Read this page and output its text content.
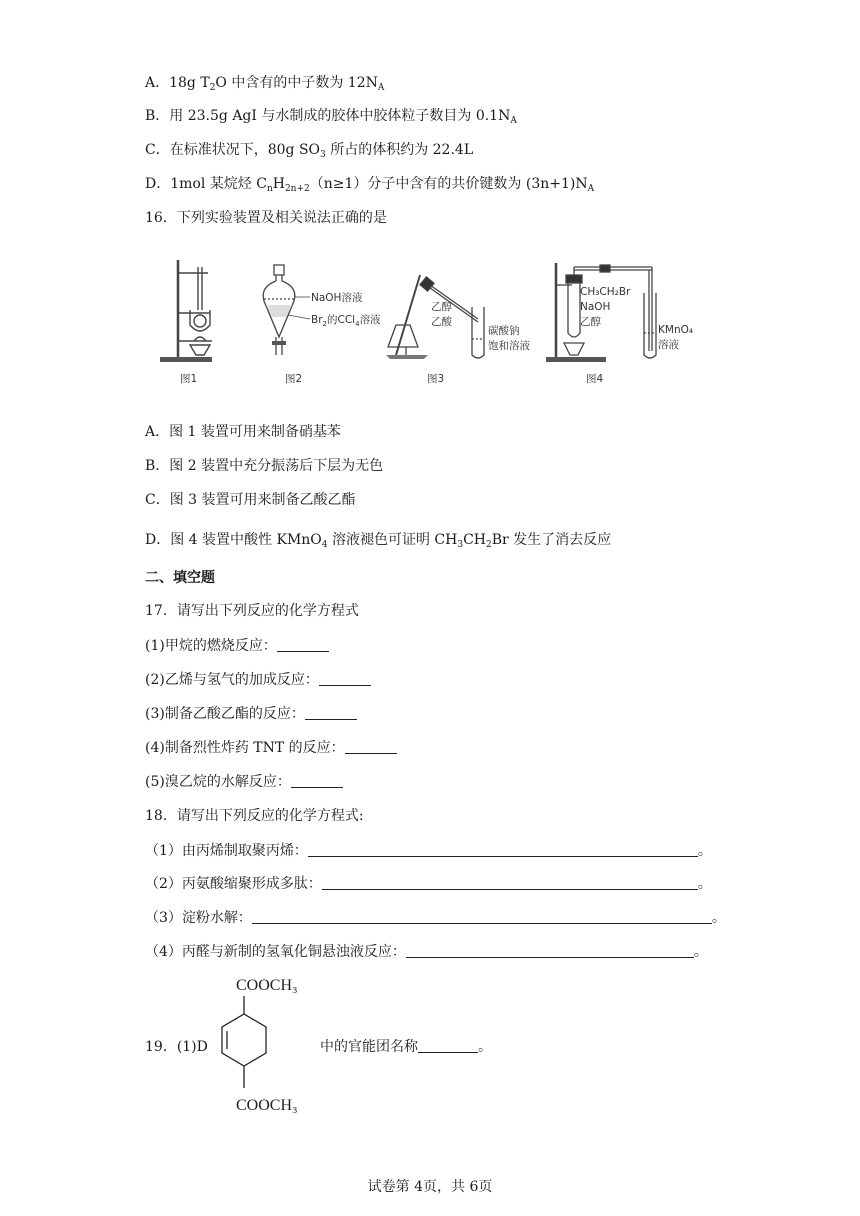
A．18g $T_2O$ 中含有的中子数为 $12N_A$
B．用 23.5g AgI 与水制成的胶体中胶体粒子数目为 $0.1N_A$
C．在标准状况下，80g $SO_3$ 所占的体积约为 22.4L
D．1mol 某烷烃 $C_nH_{2n+2}(n\ge 1)$分子中含有的共价键数为 $(3n+1)N_A$
16．下列实验装置及相关说法正确的是
图1
NaOH溶液
$Br_2$的CCl$_4$溶液
图2
乙醇
乙酸
碳酸钠
饱和溶液
图3
CH₃CH₂Br
NaOH
乙醇
KMnO₄
溶液
图4
A．图 1 装置可用来制备硝基苯
B．图 2 装置中充分振荡后下层为无色
C．图 3 装置可用来制备乙酸乙酯
D．图 4 装置中酸性 KMnO$_4$ 溶液褪色可证明 $CH_3CH_2Br$ 发生了消去反应
二、填空题
17．请写出下列反应的化学方程式
(1)甲烷的燃烧反应：
(2)乙烯与氢气的加成反应：
(3)制备乙酸乙酯的反应：
(4)制备烈性炸药 TNT 的反应：
(5)溴乙烷的水解反应：
18．请写出下列反应的化学方程式:
（1）由丙烯制取聚丙烯：	。
（2）丙氨酸缩聚形成多肽：	。
（3）淀粉水解：	。
（4）丙醛与新制的氢氧化铜悬浊液反应：	。
19．(1)D
COOCH₃
COOCH₃
中的官能团名称	。
试卷第 4页，共 6页
